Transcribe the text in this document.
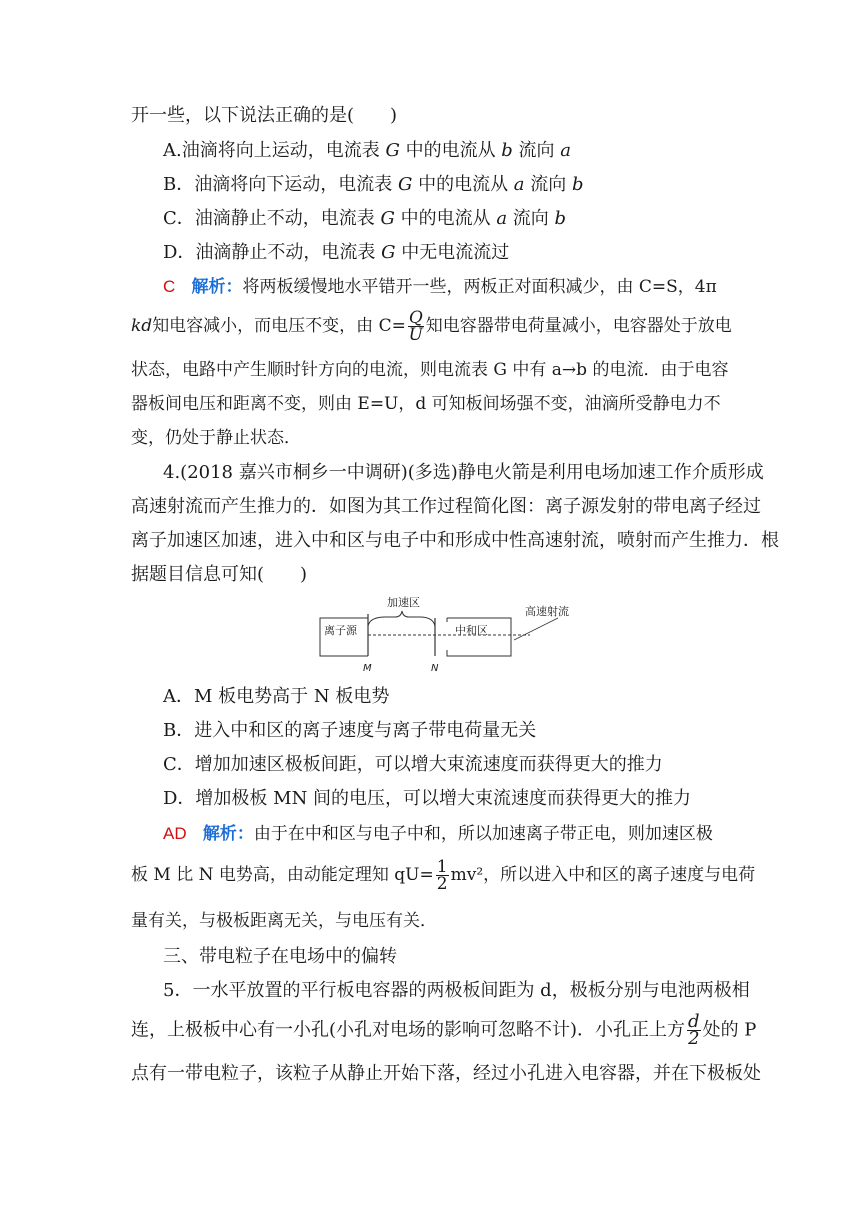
开一些，以下说法正确的是(　　)
A.油滴将向上运动，电流表 G 中的电流从 b 流向 a
B．油滴将向下运动，电流表 G 中的电流从 a 流向 b
C．油滴静止不动，电流表 G 中的电流从 a 流向 b
D．油滴静止不动，电流表 G 中无电流流过
C 解析：将两板缓慢地水平错开一些，两板正对面积减少，由 C=S，4π
kd知电容减小，而电压不变，由 $C= \frac{Q}{U}$ 知电容器带电荷量减小，电容器处于放电
状态，电路中产生顺时针方向的电流，则电流表 G 中有 a→b 的电流．由于电容
器板间电压和距离不变，则由 E=U，d 可知板间场强不变，油滴所受静电力不
变，仍处于静止状态．
4.(2018 嘉兴市桐乡一中调研)(多选)静电火箭是利用电场加速工作介质形成
高速射流而产生推力的．如图为其工作过程简化图：离子源发射的带电离子经过
离子加速区加速，进入中和区与电子中和形成中性高速射流，喷射而产生推力．根
据题目信息可知(　　)
离子源
M	N
加速区
中和区
高速射流
A．M 板电势高于 N 板电势
B．进入中和区的离子速度与离子带电荷量无关
C．增加加速区极板间距，可以增大束流速度而获得更大的推力
D．增加极板 MN 间的电压，可以增大束流速度而获得更大的推力
AD 解析：由于在中和区与电子中和，所以加速离子带正电，则加速区极
板 M 比 N 电势高，由动能定理知 $qU= \frac{1}{2} mv^2$，所以进入中和区的离子速度与电荷
量有关，与极板距离无关，与电压有关．
三、带电粒子在电场中的偏转
5．一水平放置的平行板电容器的两极板间距为 d，极板分别与电池两极相
连，上极板中心有一小孔(小孔对电场的影响可忽略不计)．小孔正上方 $\frac{d}{2}$ 处的 P
点有一带电粒子，该粒子从静止开始下落，经过小孔进入电容器，并在下极板处
